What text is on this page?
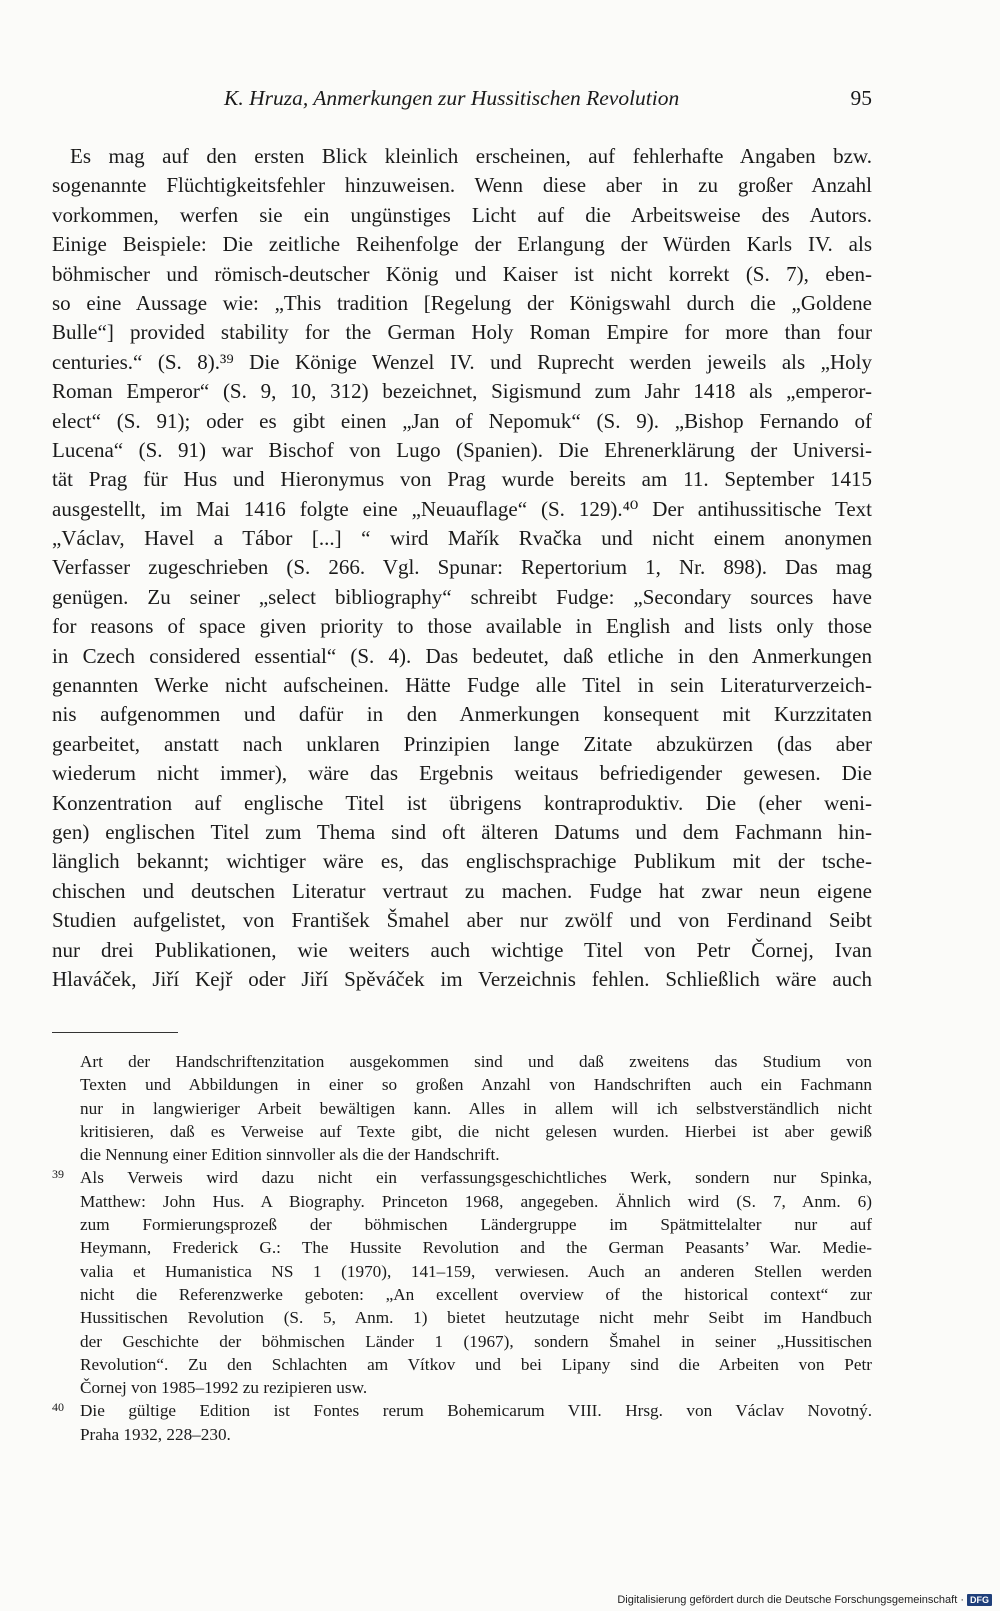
K. Hruza, Anmerkungen zur Hussitischen Revolution	95
Es mag auf den ersten Blick kleinlich erscheinen, auf fehlerhafte Angaben bzw.
sogenannte Flüchtigkeitsfehler hinzuweisen. Wenn diese aber in zu großer Anzahl
vorkommen, werfen sie ein ungünstiges Licht auf die Arbeitsweise des Autors.
Einige Beispiele: Die zeitliche Reihenfolge der Erlangung der Würden Karls IV. als
böhmischer und römisch-deutscher König und Kaiser ist nicht korrekt (S. 7), eben-
so eine Aussage wie: „This tradition [Regelung der Königswahl durch die „Goldene
Bulle“] provided stability for the German Holy Roman Empire for more than four
centuries.“ (S. 8).³⁹ Die Könige Wenzel IV. und Ruprecht werden jeweils als „Holy
Roman Emperor“ (S. 9, 10, 312) bezeichnet, Sigismund zum Jahr 1418 als „emperor-
elect“ (S. 91); oder es gibt einen „Jan of Nepomuk“ (S. 9). „Bishop Fernando of
Lucena“ (S. 91) war Bischof von Lugo (Spanien). Die Ehrenerklärung der Universi-
tät Prag für Hus und Hieronymus von Prag wurde bereits am 11. September 1415
ausgestellt, im Mai 1416 folgte eine „Neuauflage“ (S. 129).⁴⁰ Der antihussitische Text
„Václav, Havel a Tábor [...] “ wird Mařík Rvačka und nicht einem anonymen
Verfasser zugeschrieben (S. 266. Vgl. Spunar: Repertorium 1, Nr. 898). Das mag
genügen. Zu seiner „select bibliography“ schreibt Fudge: „Secondary sources have
for reasons of space given priority to those available in English and lists only those
in Czech considered essential“ (S. 4). Das bedeutet, daß etliche in den Anmerkungen
genannten Werke nicht aufscheinen. Hätte Fudge alle Titel in sein Literaturverzeich-
nis aufgenommen und dafür in den Anmerkungen konsequent mit Kurzzitaten
gearbeitet, anstatt nach unklaren Prinzipien lange Zitate abzukürzen (das aber
wiederum nicht immer), wäre das Ergebnis weitaus befriedigender gewesen. Die
Konzentration auf englische Titel ist übrigens kontraproduktiv. Die (eher weni-
gen) englischen Titel zum Thema sind oft älteren Datums und dem Fachmann hin-
länglich bekannt; wichtiger wäre es, das englischsprachige Publikum mit der tsche-
chischen und deutschen Literatur vertraut zu machen. Fudge hat zwar neun eigene
Studien aufgelistet, von František Šmahel aber nur zwölf und von Ferdinand Seibt
nur drei Publikationen, wie weiters auch wichtige Titel von Petr Čornej, Ivan
Hlaváček, Jiří Kejř oder Jiří Spěváček im Verzeichnis fehlen. Schließlich wäre auch
Art der Handschriftenzitation ausgekommen sind und daß zweitens das Studium von
Texten und Abbildungen in einer so großen Anzahl von Handschriften auch ein Fachmann
nur in langwieriger Arbeit bewältigen kann. Alles in allem will ich selbstverständlich nicht
kritisieren, daß es Verweise auf Texte gibt, die nicht gelesen wurden. Hierbei ist aber gewiß
die Nennung einer Edition sinnvoller als die der Handschrift.
39 Als Verweis wird dazu nicht ein verfassungsgeschichtliches Werk, sondern nur Spinka,
Matthew: John Hus. A Biography. Princeton 1968, angegeben. Ähnlich wird (S. 7, Anm. 6)
zum Formierungsprozeß der böhmischen Ländergruppe im Spätmittelalter nur auf
Heymann, Frederick G.: The Hussite Revolution and the German Peasants’ War. Medie-
valia et Humanistica NS 1 (1970), 141–159, verwiesen. Auch an anderen Stellen werden
nicht die Referenzwerke geboten: „An excellent overview of the historical context“ zur
Hussitischen Revolution (S. 5, Anm. 1) bietet heutzutage nicht mehr Seibt im Handbuch
der Geschichte der böhmischen Länder 1 (1967), sondern Šmahel in seiner „Hussitischen
Revolution“. Zu den Schlachten am Vítkov und bei Lipany sind die Arbeiten von Petr
Čornej von 1985–1992 zu rezipieren usw.
40 Die gültige Edition ist Fontes rerum Bohemicarum VIII. Hrsg. von Václav Novotný.
Praha 1932, 228–230.
Digitalisierung gefördert durch die Deutsche Forschungsgemeinschaft · DFG
